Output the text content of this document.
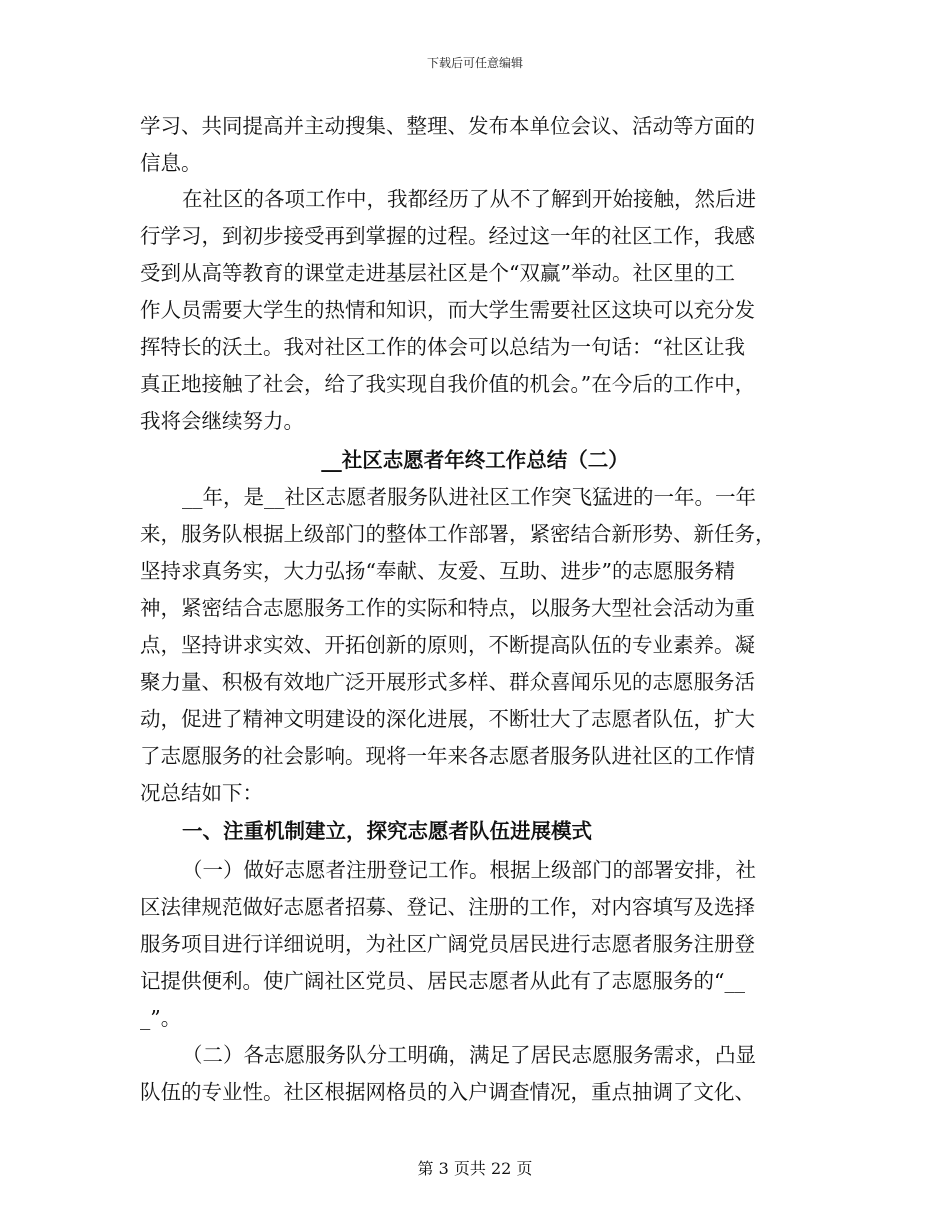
下载后可任意编辑
学习、共同提高并主动搜集、整理、发布本单位会议、活动等方面的
信息。
在社区的各项工作中，我都经历了从不了解到开始接触，然后进
行学习，到初步接受再到掌握的过程。经过这一年的社区工作，我感
受到从高等教育的课堂走进基层社区是个“双赢”举动。社区里的工
作人员需要大学生的热情和知识，而大学生需要社区这块可以充分发
挥特长的沃土。我对社区工作的体会可以总结为一句话：“社区让我
真正地接触了社会，给了我实现自我价值的机会。”在今后的工作中，
我将会继续努力。
__社区志愿者年终工作总结（二）
__年，是__社区志愿者服务队进社区工作突飞猛进的一年。一年
来，服务队根据上级部门的整体工作部署，紧密结合新形势、新任务，
坚持求真务实，大力弘扬“奉献、友爱、互助、进步”的志愿服务精
神，紧密结合志愿服务工作的实际和特点，以服务大型社会活动为重
点，坚持讲求实效、开拓创新的原则，不断提高队伍的专业素养。凝
聚力量、积极有效地广泛开展形式多样、群众喜闻乐见的志愿服务活
动，促进了精神文明建设的深化进展，不断壮大了志愿者队伍，扩大
了志愿服务的社会影响。现将一年来各志愿者服务队进社区的工作情
况总结如下：
一、注重机制建立，探究志愿者队伍进展模式
（一）做好志愿者注册登记工作。根据上级部门的部署安排，社
区法律规范做好志愿者招募、登记、注册的工作，对内容填写及选择
服务项目进行详细说明，为社区广阔党员居民进行志愿者服务注册登
记提供便利。使广阔社区党员、居民志愿者从此有了志愿服务的“__
_”。
（二）各志愿服务队分工明确，满足了居民志愿服务需求，凸显
队伍的专业性。社区根据网格员的入户调查情况，重点抽调了文化、
第 3 页共 22 页
